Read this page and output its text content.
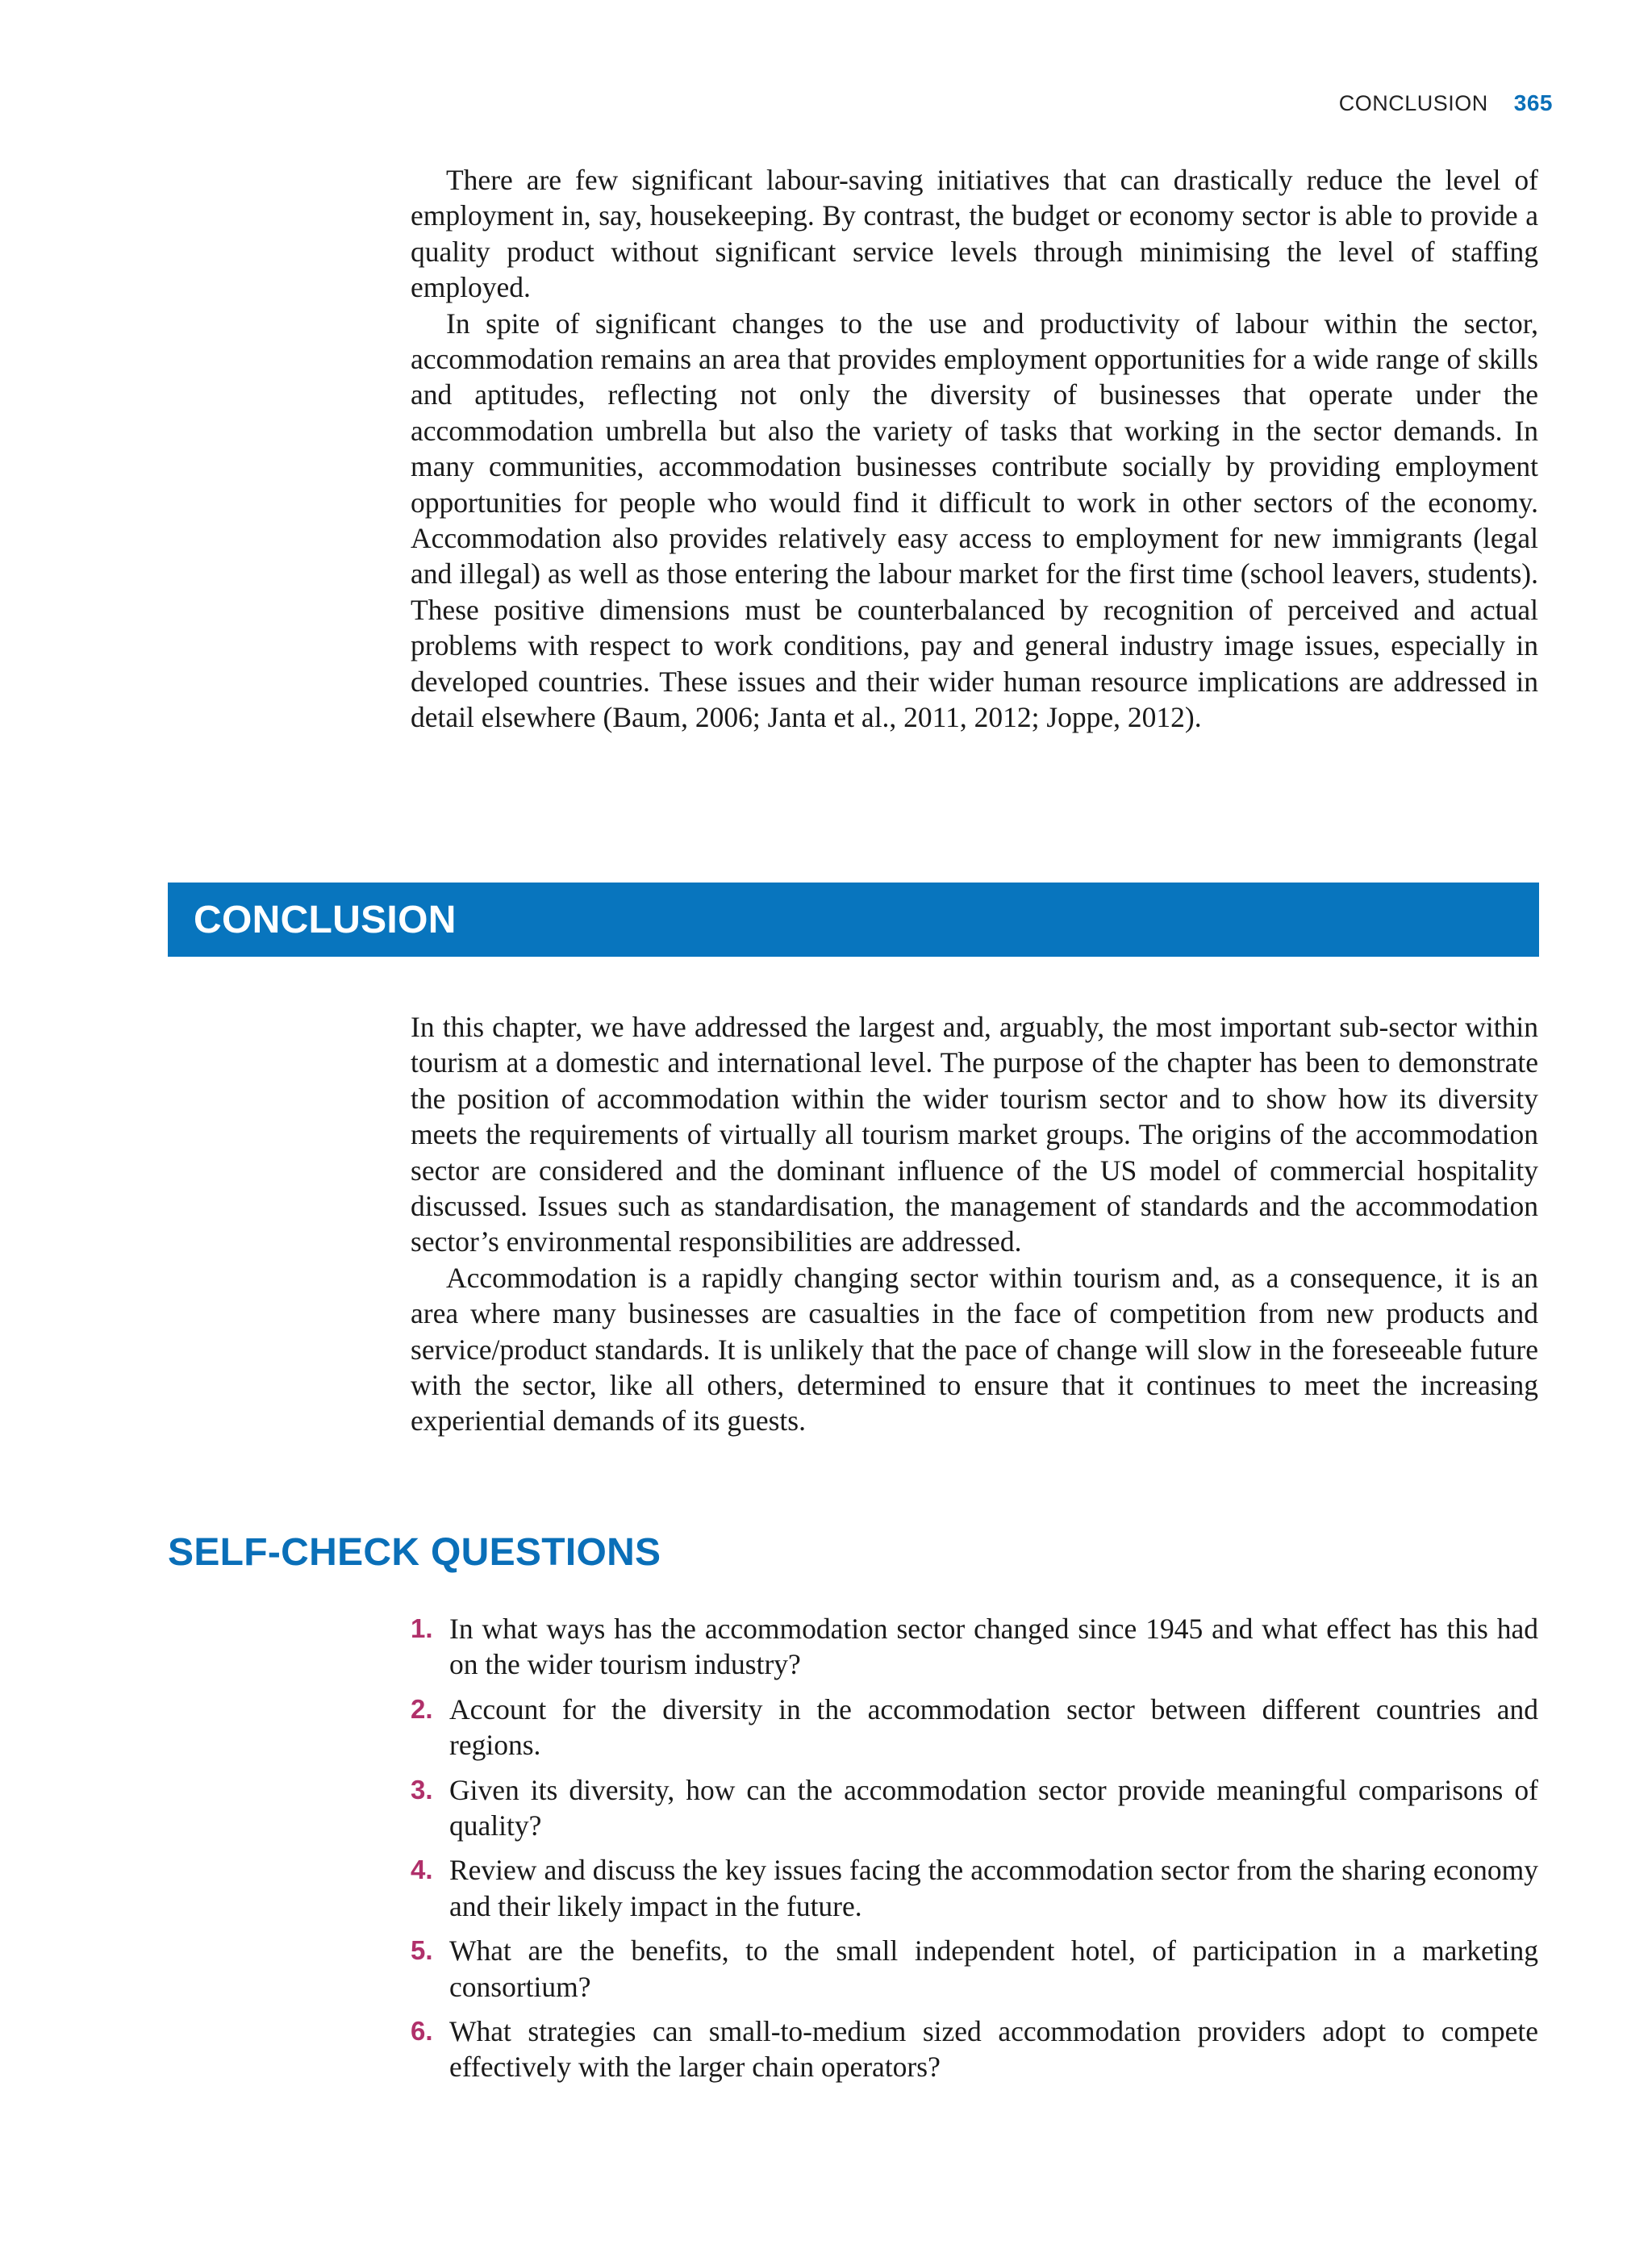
CONCLUSION 365

There are few significant labour-saving initiatives that can drastically reduce the level of employment in, say, housekeeping. By contrast, the budget or economy sector is able to provide a quality product without significant service levels through minimising the level of staffing employed.

In spite of significant changes to the use and productivity of labour within the sector, accommodation remains an area that provides employment opportunities for a wide range of skills and aptitudes, reflecting not only the diversity of businesses that operate under the accommodation umbrella but also the variety of tasks that working in the sector demands. In many communities, accommodation businesses contribute socially by providing employment opportunities for people who would find it difficult to work in other sectors of the economy. Accommodation also provides relatively easy access to employment for new immigrants (legal and illegal) as well as those entering the labour market for the first time (school leavers, students). These positive dimensions must be counterbalanced by recognition of perceived and actual problems with respect to work conditions, pay and general industry image issues, especially in developed countries. These issues and their wider human resource implications are addressed in detail elsewhere (Baum, 2006; Janta et al., 2011, 2012; Joppe, 2012).

CONCLUSION

In this chapter, we have addressed the largest and, arguably, the most important sub-sector within tourism at a domestic and international level. The purpose of the chapter has been to demonstrate the position of accommodation within the wider tourism sector and to show how its diversity meets the requirements of virtually all tourism market groups. The origins of the accommodation sector are considered and the dominant influence of the US model of commercial hospitality discussed. Issues such as standardisation, the management of standards and the accommodation sector’s environmental responsibilities are addressed.

Accommodation is a rapidly changing sector within tourism and, as a consequence, it is an area where many businesses are casualties in the face of competition from new products and service/product standards. It is unlikely that the pace of change will slow in the foreseeable future with the sector, like all others, determined to ensure that it continues to meet the increasing experiential demands of its guests.

SELF-CHECK QUESTIONS
1. In what ways has the accommodation sector changed since 1945 and what effect has this had on the wider tourism industry?
2. Account for the diversity in the accommodation sector between different countries and regions.
3. Given its diversity, how can the accommodation sector provide meaningful comparisons of quality?
4. Review and discuss the key issues facing the accommodation sector from the sharing economy and their likely impact in the future.
5. What are the benefits, to the small independent hotel, of participation in a marketing consortium?
6. What strategies can small-to-medium sized accommodation providers adopt to compete effectively with the larger chain operators?
